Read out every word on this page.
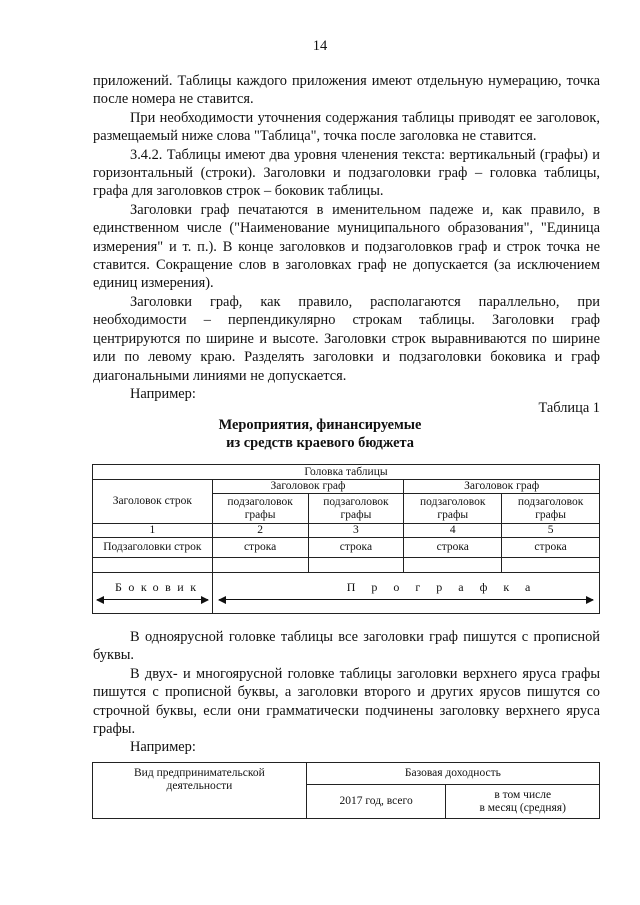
14

приложений. Таблицы каждого приложения имеют отдельную нумерацию, точка после номера не ставится.

При необходимости уточнения содержания таблицы приводят ее заголовок, размещаемый ниже слова "Таблица", точка после заголовка не ставится.

3.4.2. Таблицы имеют два уровня членения текста: вертикальный (графы) и горизонтальный (строки). Заголовки и подзаголовки граф – головка таблицы, графа для заголовков строк – боковик таблицы.

Заголовки граф печатаются в именительном падеже и, как правило, в единственном числе ("Наименование муниципального образования", "Единица измерения" и т. п.). В конце заголовков и подзаголовков граф и строк точка не ставится. Сокращение слов в заголовках граф не допускается (за исключением единиц измерения).

Заголовки граф, как правило, располагаются параллельно, при необходимости – перпендикулярно строкам таблицы. Заголовки граф центрируются по ширине и высоте. Заголовки строк выравниваются по ширине или по левому краю. Разделять заголовки и подзаголовки боковика и граф диагональными линиями не допускается.

Например:

Таблица 1
Мероприятия, финансируемые
из средств краевого бюджета
Головка таблицы				
Заголовок строк	Заголовок граф		Заголовок граф	
	подзаголовок графы	подзаголовок графы	подзаголовок графы	подзаголовок графы
1	2	3	4	5
Подзаголовки строк	строка	строка	строка	строка

Боковик	Прографка			

В одноярусной головке таблицы все заголовки граф пишутся с прописной буквы.

В двух- и многоярусной головке таблицы заголовки верхнего яруса графы пишутся с прописной буквы, а заголовки второго и других ярусов пишутся со строчной буквы, если они грамматически подчинены заголовку верхнего яруса графы.

Например:

Вид предпринимательской деятельности	Базовая доходность	
	2017 год, всего	в том числе
в месяц (средняя)
